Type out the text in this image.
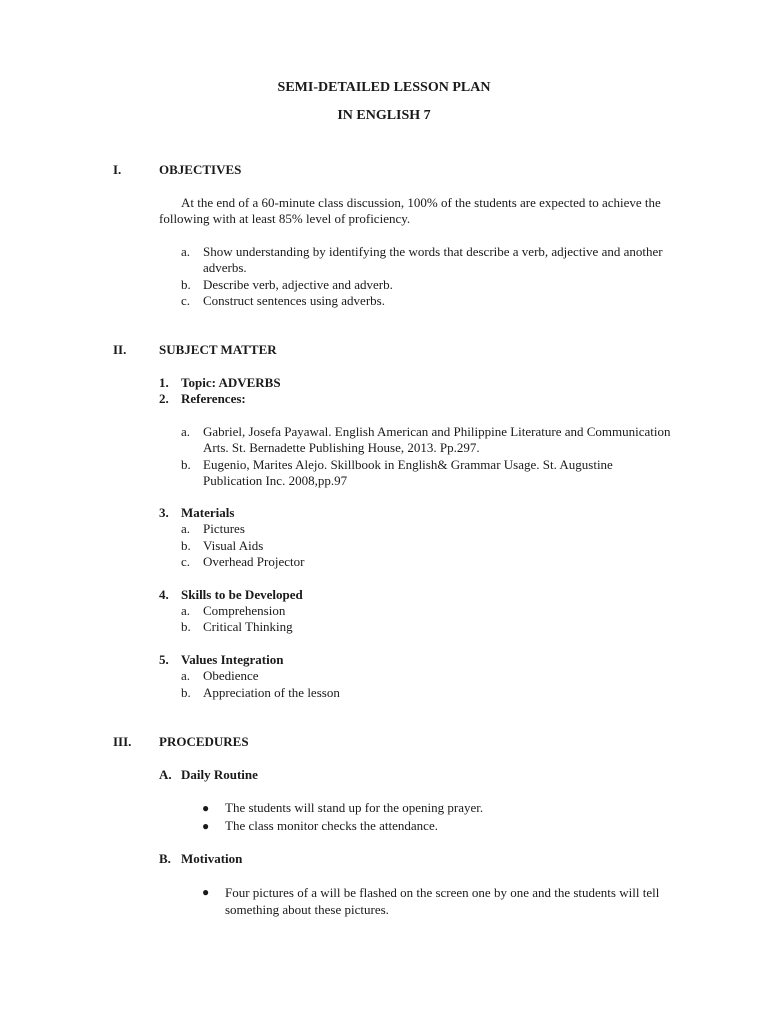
SEMI-DETAILED LESSON PLAN
IN ENGLISH 7
I.	OBJECTIVES
At the end of a 60-minute class discussion, 100% of the students are expected to achieve the following with at least 85% level of proficiency.
a. Show understanding by identifying the words that describe a verb, adjective and another adverbs.
b. Describe verb, adjective and adverb.
c. Construct sentences using adverbs.
II.	SUBJECT MATTER
1. Topic: ADVERBS
2. References:
a. Gabriel, Josefa Payawal. English American and Philippine Literature and Communication Arts. St. Bernadette Publishing House, 2013. Pp.297.
b. Eugenio, Marites Alejo. Skillbook in English& Grammar Usage. St. Augustine Publication Inc. 2008,pp.97
3. Materials
a. Pictures
b. Visual Aids
c. Overhead Projector
4. Skills to be Developed
a. Comprehension
b. Critical Thinking
5. Values Integration
a. Obedience
b. Appreciation of the lesson
III. PROCEDURES
A. Daily Routine
●	The students will stand up for the opening prayer.
●	The class monitor checks the attendance.
B. Motivation
●	Four pictures of a will be flashed on the screen one by one and the students will tell something about these pictures.
